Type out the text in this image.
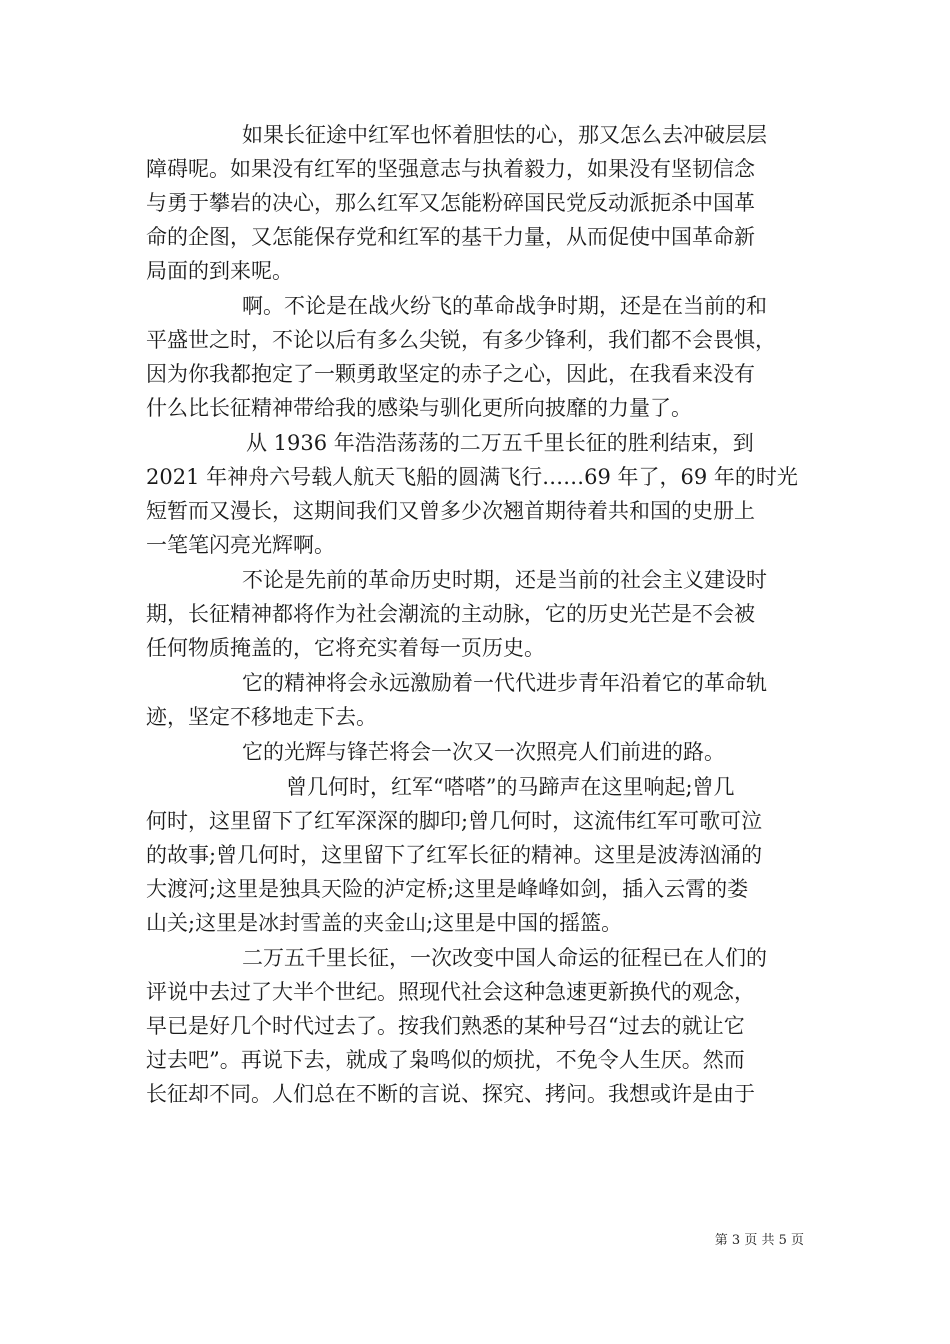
如果长征途中红军也怀着胆怯的心，那又怎么去冲破层层
障碍呢。如果没有红军的坚强意志与执着毅力，如果没有坚韧信念
与勇于攀岩的决心，那么红军又怎能粉碎国民党反动派扼杀中国革
命的企图，又怎能保存党和红军的基干力量，从而促使中国革命新
局面的到来呢。
啊。不论是在战火纷飞的革命战争时期，还是在当前的和
平盛世之时，不论以后有多么尖锐，有多少锋利，我们都不会畏惧，
因为你我都抱定了一颗勇敢坚定的赤子之心，因此，在我看来没有
什么比长征精神带给我的感染与驯化更所向披靡的力量了。
从 1936 年浩浩荡荡的二万五千里长征的胜利结束，到
2021 年神舟六号载人航天飞船的圆满飞行……69 年了，69 年的时光
短暂而又漫长，这期间我们又曾多少次翘首期待着共和国的史册上
一笔笔闪亮光辉啊。
不论是先前的革命历史时期，还是当前的社会主义建设时
期，长征精神都将作为社会潮流的主动脉，它的历史光芒是不会被
任何物质掩盖的，它将充实着每一页历史。
它的精神将会永远激励着一代代进步青年沿着它的革命轨
迹，坚定不移地走下去。
它的光辉与锋芒将会一次又一次照亮人们前进的路。
曾几何时，红军“嗒嗒”的马蹄声在这里响起;曾几
何时，这里留下了红军深深的脚印;曾几何时，这流伟红军可歌可泣
的故事;曾几何时，这里留下了红军长征的精神。这里是波涛汹涌的
大渡河;这里是独具天险的泸定桥;这里是峰峰如剑，插入云霄的娄
山关;这里是冰封雪盖的夹金山;这里是中国的摇篮。
二万五千里长征，一次改变中国人命运的征程已在人们的
评说中去过了大半个世纪。照现代社会这种急速更新换代的观念，
早已是好几个时代过去了。按我们熟悉的某种号召“过去的就让它
过去吧”。再说下去，就成了枭鸣似的烦扰，不免令人生厌。然而
长征却不同。人们总在不断的言说、探究、拷问。我想或许是由于
第 3 页 共 5 页
